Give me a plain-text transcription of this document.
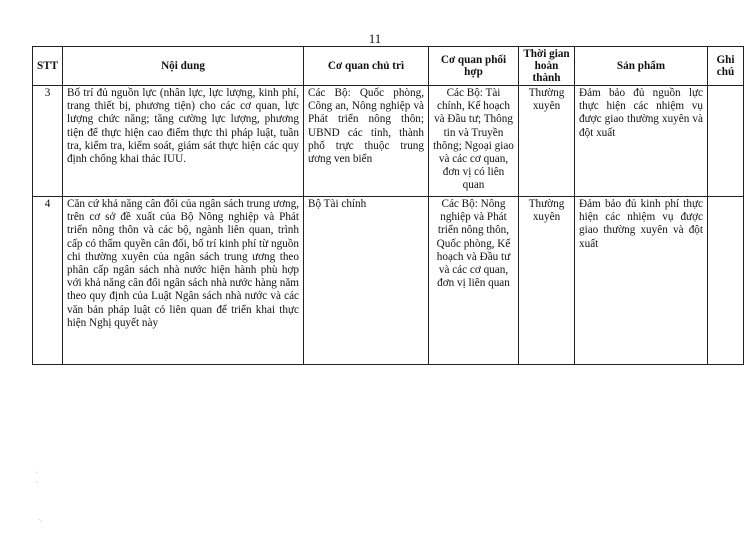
11
STT	Nội dung	Cơ quan chủ trì	Cơ quan phối hợp	Thời gian hoàn thành	Sản phẩm	Ghi chú
3	Bố trí đủ nguồn lực (nhân lực, lực lượng, kinh phí, trang thiết bị, phương tiện) cho các cơ quan, lực lượng chức năng; tăng cường lực lượng, phương tiện để thực hiện cao điểm thực thi pháp luật, tuần tra, kiểm tra, kiểm soát, giám sát thực hiện các quy định chống khai thác IUU.	Các Bộ: Quốc phòng, Công an, Nông nghiệp và Phát triển nông thôn; UBND các tỉnh, thành phố trực thuộc trung ương ven biển	Các Bộ: Tài chính, Kế hoạch và Đầu tư; Thông tin và Truyền thông; Ngoại giao và các cơ quan, đơn vị có liên quan	Thường xuyên	Đảm bảo đủ nguồn lực thực hiện các nhiệm vụ được giao thường xuyên và đột xuất	
4	Căn cứ khả năng cân đối của ngân sách trung ương, trên cơ sở đề xuất của Bộ Nông nghiệp và Phát triển nông thôn và các bộ, ngành liên quan, trình cấp có thẩm quyền cân đối, bố trí kinh phí từ nguồn chi thường xuyên của ngân sách trung ương theo phân cấp ngân sách nhà nước hiện hành phù hợp với khả năng cân đối ngân sách nhà nước hàng năm theo quy định của Luật Ngân sách nhà nước và các văn bản pháp luật có liên quan để triển khai thực hiện Nghị quyết này	Bộ Tài chính	Các Bộ: Nông nghiệp và Phát triển nông thôn, Quốc phòng, Kế hoạch và Đầu tư và các cơ quan, đơn vị liên quan	Thường xuyên	Đảm bảo đủ kinh phí thực hiện các nhiệm vụ được giao thường xuyên và đột xuất	
·
·
˙·
